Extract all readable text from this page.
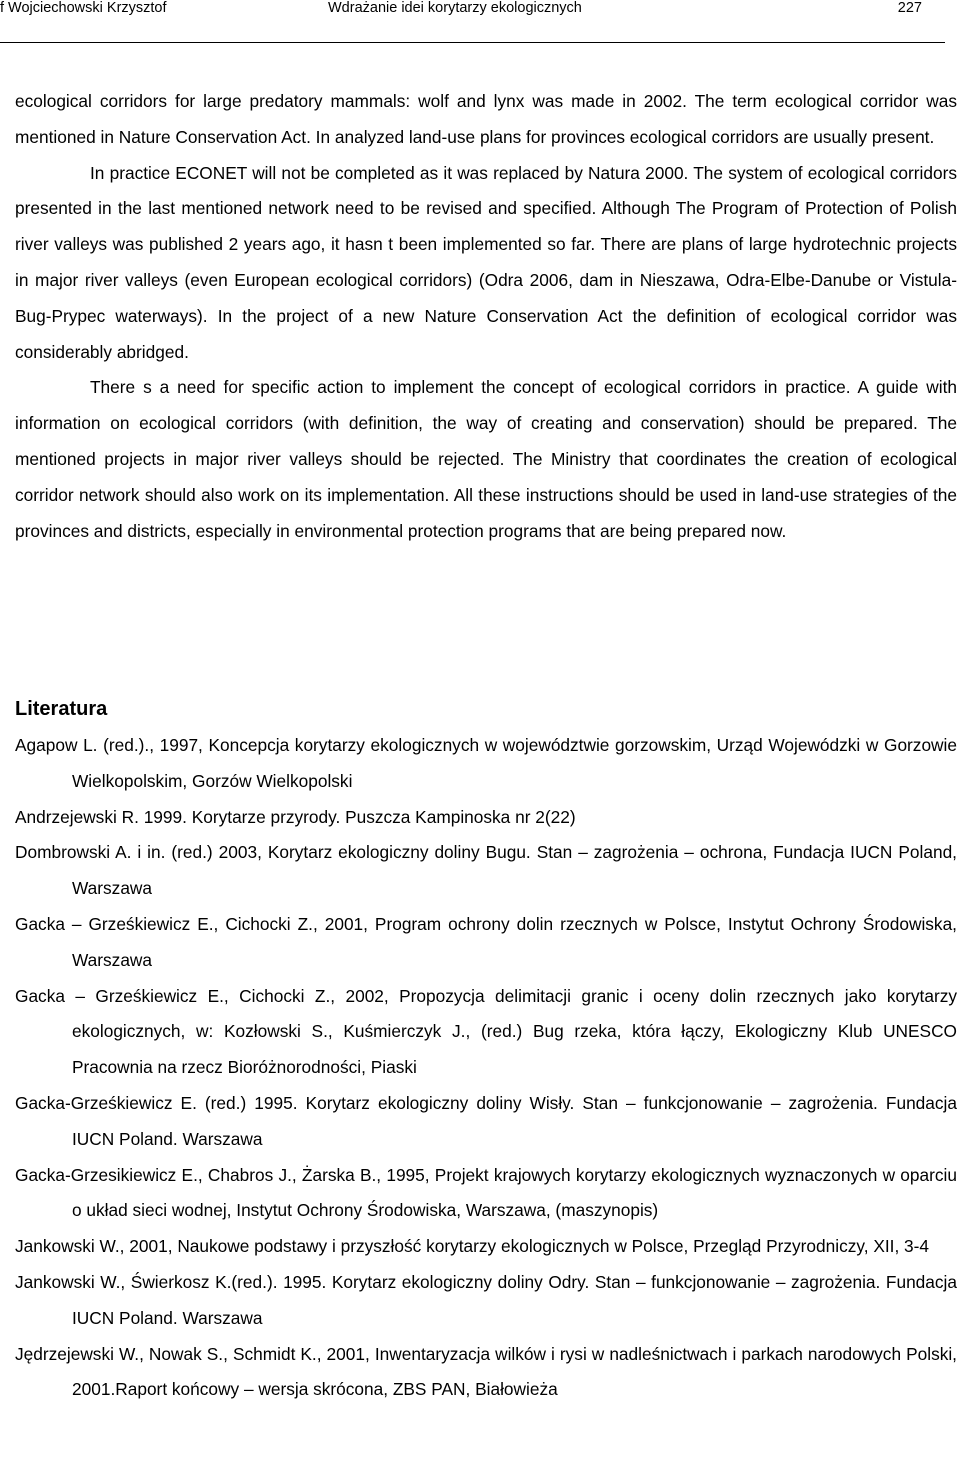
f Wojciechowski Krzysztof	Wdrażanie idei korytarzy ekologicznych	227

ecological corridors for large predatory mammals: wolf and lynx was made in 2002. The term ecological corridor was mentioned in Nature Conservation Act. In analyzed land-use plans for provinces ecological corridors are usually present.

In practice ECONET will not be completed as it was replaced by Natura 2000. The system of ecological corridors presented in the last mentioned network need to be revised and specified. Although The Program of Protection of Polish river valleys was published 2 years ago, it hasn t been implemented so far. There are plans of large hydrotechnic projects in major river valleys (even European ecological corridors) (Odra 2006, dam in Nieszawa, Odra-Elbe-Danube or Vistula-Bug-Prypec waterways). In the project of a new Nature Conservation Act the definition of ecological corridor was considerably abridged.

There s a need for specific action to implement the concept of ecological corridors in practice. A guide with information on ecological corridors (with definition, the way of creating and conservation) should be prepared. The mentioned projects in major river valleys should be rejected. The Ministry that coordinates the creation of ecological corridor network should also work on its implementation. All these instructions should be used in land-use strategies of the provinces and districts, especially in environmental protection programs that are being prepared now.

Literatura

Agapow L. (red.)., 1997, Koncepcja korytarzy ekologicznych w województwie gorzowskim, Urząd Wojewódzki w Gorzowie Wielkopolskim, Gorzów Wielkopolski

Andrzejewski R. 1999. Korytarze przyrody. Puszcza Kampinoska nr 2(22)

Dombrowski A. i in. (red.) 2003, Korytarz ekologiczny doliny Bugu. Stan – zagrożenia – ochrona, Fundacja IUCN Poland, Warszawa

Gacka – Grześkiewicz E., Cichocki Z., 2001, Program ochrony dolin rzecznych w Polsce, Instytut Ochrony Środowiska, Warszawa

Gacka – Grześkiewicz E., Cichocki Z., 2002, Propozycja delimitacji granic i oceny dolin rzecznych jako korytarzy ekologicznych, w: Kozłowski S., Kuśmierczyk J., (red.) Bug rzeka, która łączy, Ekologiczny Klub UNESCO Pracownia na rzecz Bioróżnorodności, Piaski

Gacka-Grześkiewicz E. (red.) 1995. Korytarz ekologiczny doliny Wisły. Stan – funkcjonowanie – zagrożenia. Fundacja IUCN Poland. Warszawa

Gacka-Grzesikiewicz E., Chabros J., Żarska B., 1995, Projekt krajowych korytarzy ekologicznych wyznaczonych w oparciu o układ sieci wodnej, Instytut Ochrony Środowiska, Warszawa, (maszynopis)

Jankowski W., 2001, Naukowe podstawy i przyszłość korytarzy ekologicznych w Polsce, Przegląd Przyrodniczy, XII, 3-4

Jankowski W., Świerkosz K.(red.). 1995. Korytarz ekologiczny doliny Odry. Stan – funkcjonowanie – zagrożenia. Fundacja IUCN Poland. Warszawa

Jędrzejewski W., Nowak S., Schmidt K., 2001, Inwentaryzacja wilków i rysi w nadleśnictwach i parkach narodowych Polski, 2001.Raport końcowy – wersja skrócona, ZBS PAN, Białowieża
